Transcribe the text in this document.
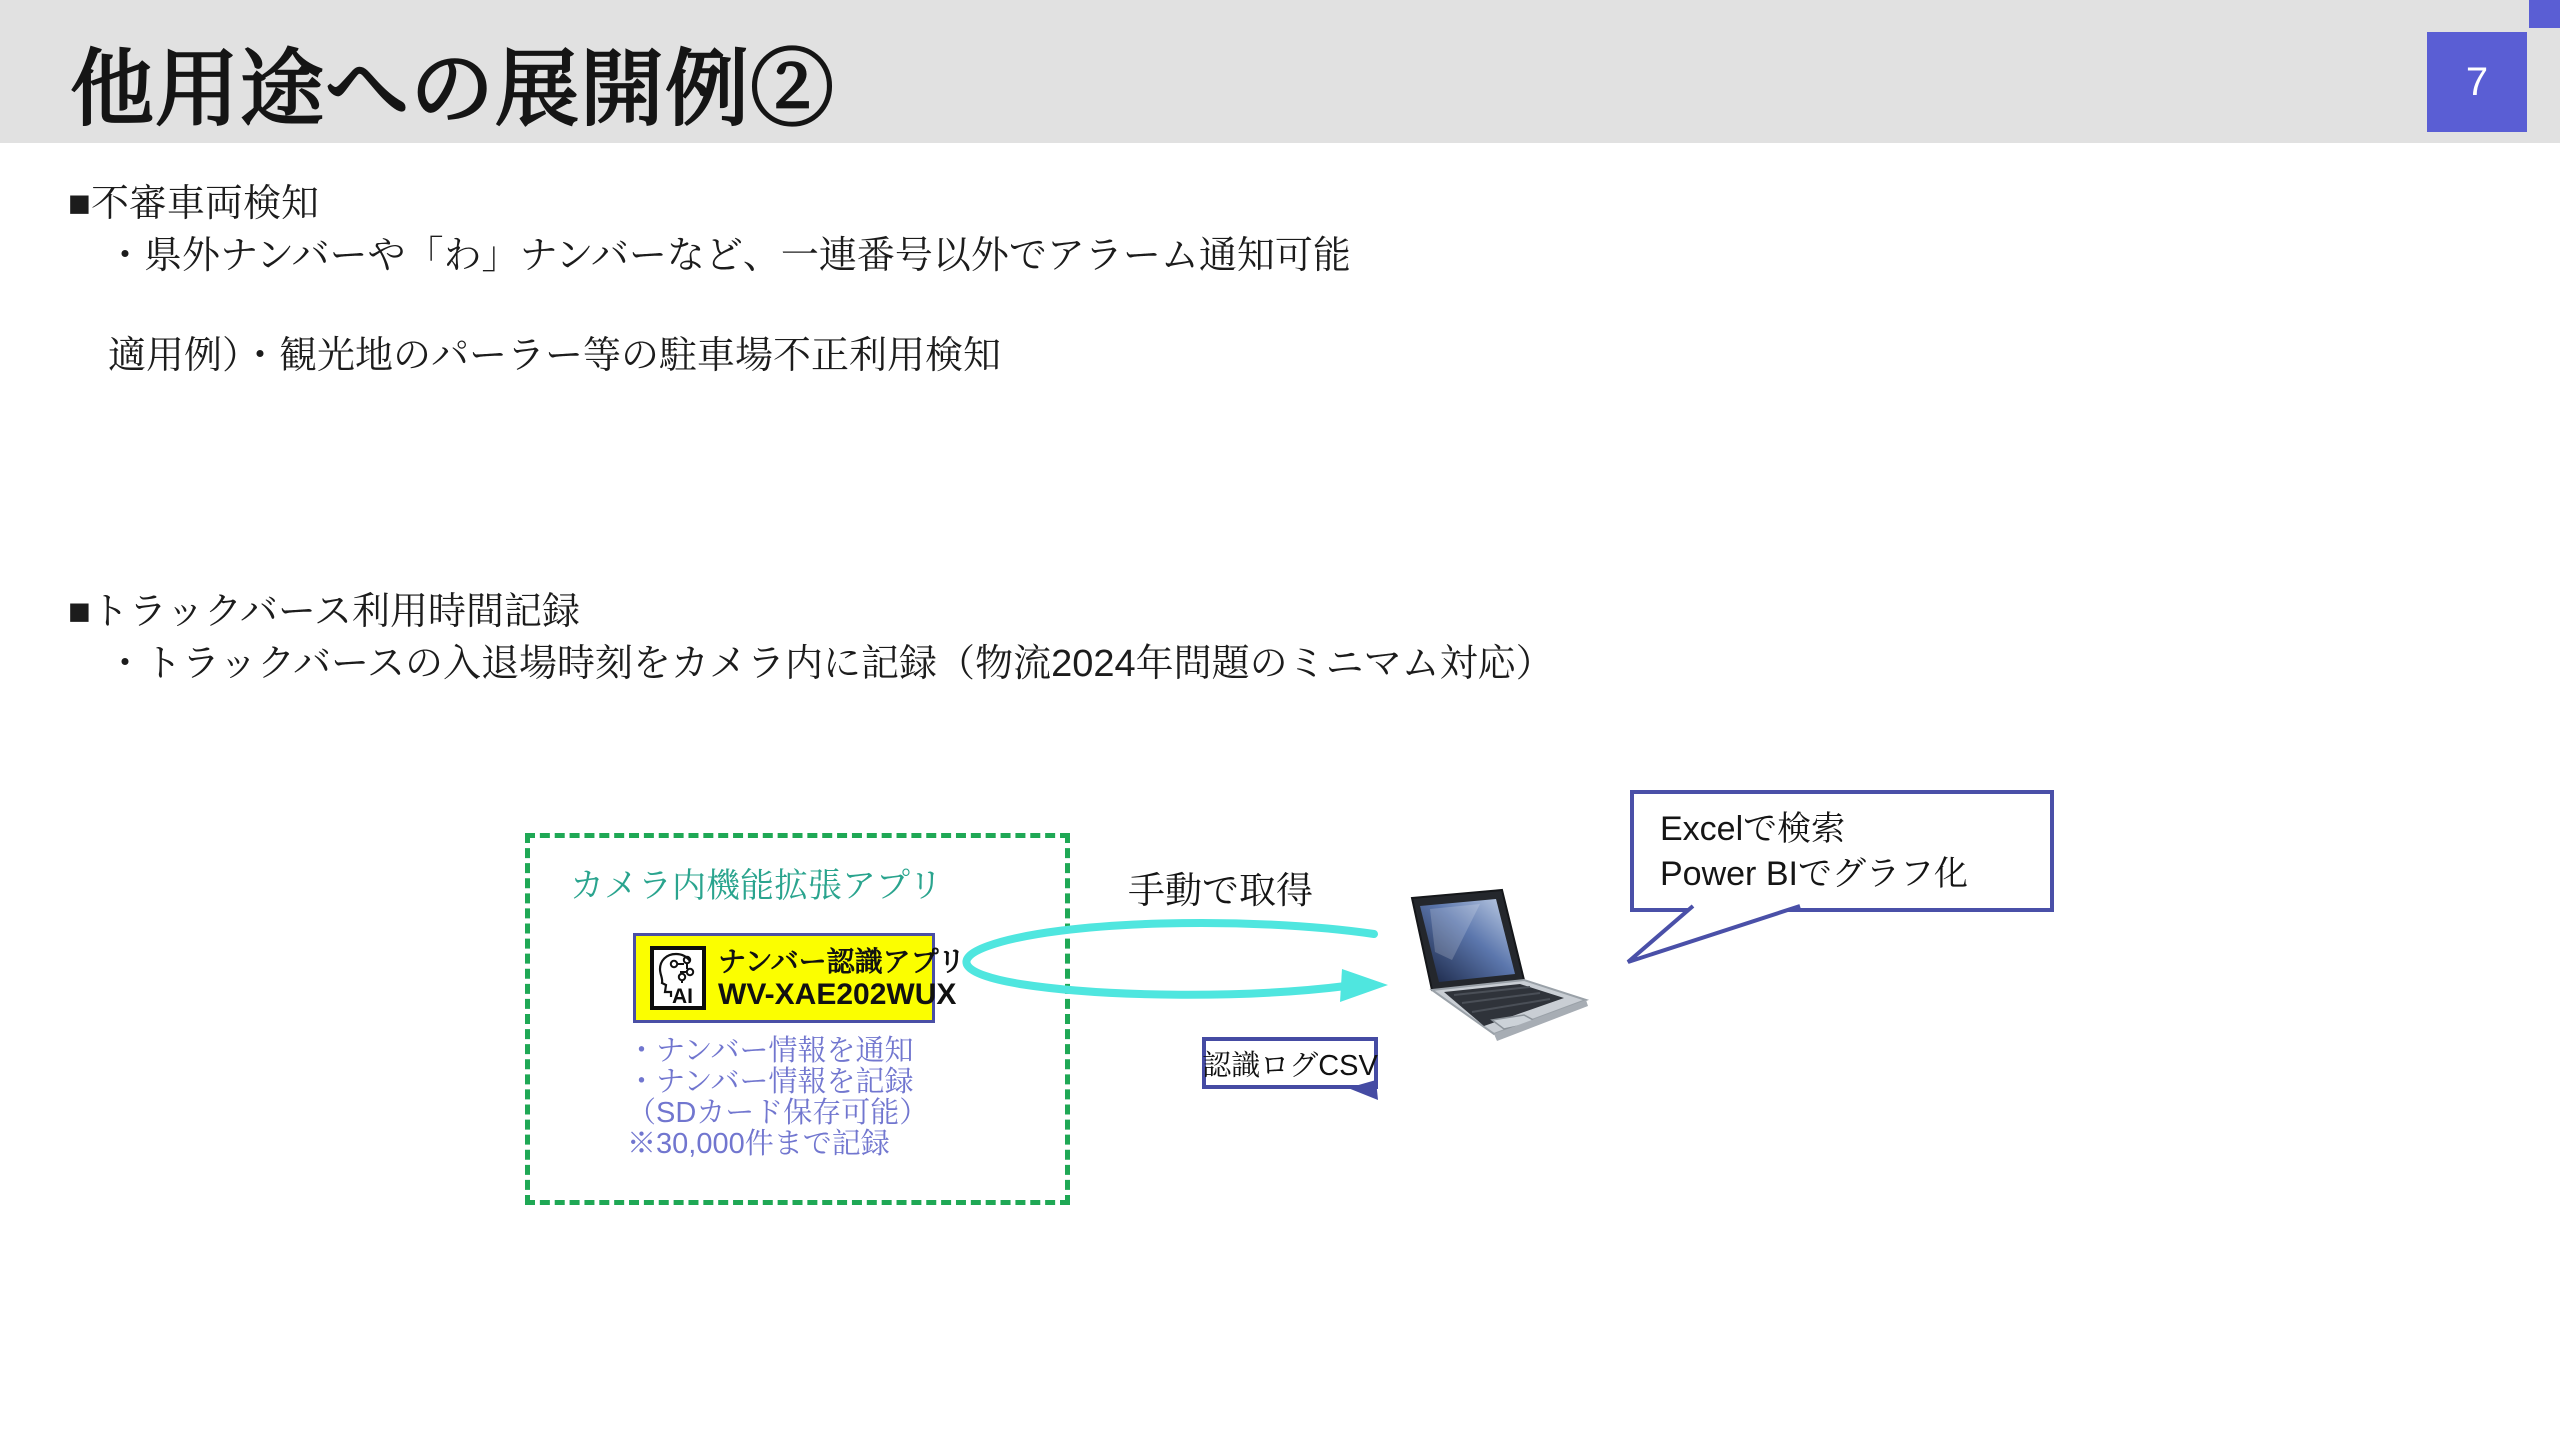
他用途への展開例②	7
■不審車両検知
・県外ナンバーや「わ」ナンバーなど、一連番号以外でアラーム通知可能
適用例）・観光地のパーラー等の駐車場不正利用検知
■トラックバース利用時間記録
・トラックバースの入退場時刻をカメラ内に記録（物流2024年問題のミニマム対応）
カメラ内機能拡張アプリ
AI
ナンバー認識アプリ
WV-XAE202WUX
・ナンバー情報を通知
・ナンバー情報を記録
（SDカード保存可能）
※30,000件まで記録
手動で取得
認識ログCSV
Excelで検索
Power BIでグラフ化
